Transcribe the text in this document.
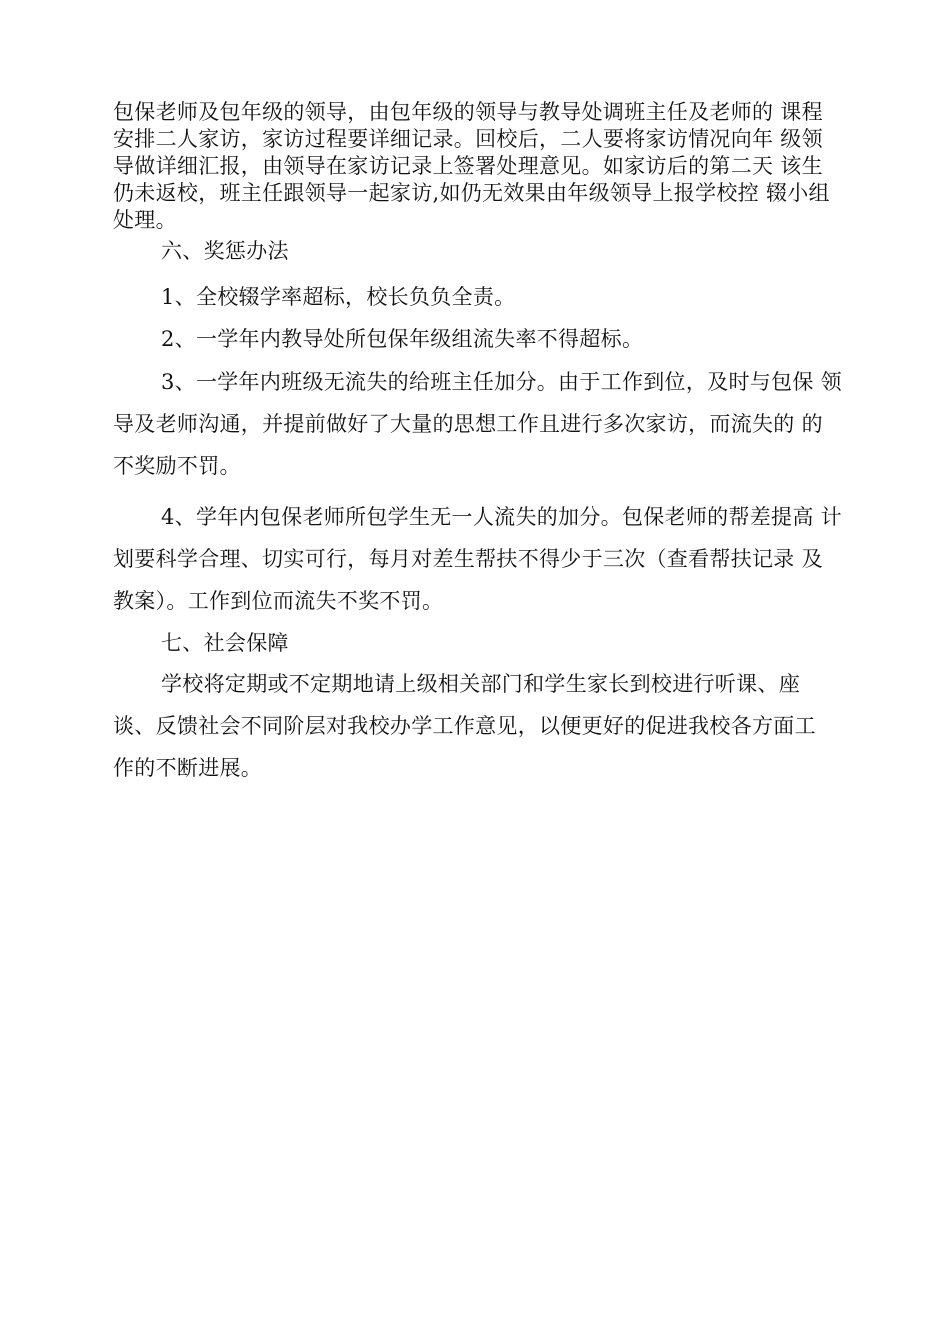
包保老师及包年级的领导，由包年级的领导与教导处调班主任及老师的 课程
安排二人家访，家访过程要详细记录。回校后，二人要将家访情况向年 级领
导做详细汇报，由领导在家访记录上签署处理意见。如家访后的第二天 该生
仍未返校，班主任跟领导一起家访,如仍无效果由年级领导上报学校控 辍小组
处理。
六、奖惩办法
1、全校辍学率超标，校长负负全责。
2、一学年内教导处所包保年级组流失率不得超标。
3、一学年内班级无流失的给班主任加分。由于工作到位，及时与包保 领
导及老师沟通，并提前做好了大量的思想工作且进行多次家访，而流失的 的
不奖励不罚。
4、学年内包保老师所包学生无一人流失的加分。包保老师的帮差提高 计
划要科学合理、切实可行，每月对差生帮扶不得少于三次（查看帮扶记录 及
教案）。工作到位而流失不奖不罚。
七、社会保障
学校将定期或不定期地请上级相关部门和学生家长到校进行听课、座
谈、反馈社会不同阶层对我校办学工作意见，以便更好的促进我校各方面工
作的不断进展。
